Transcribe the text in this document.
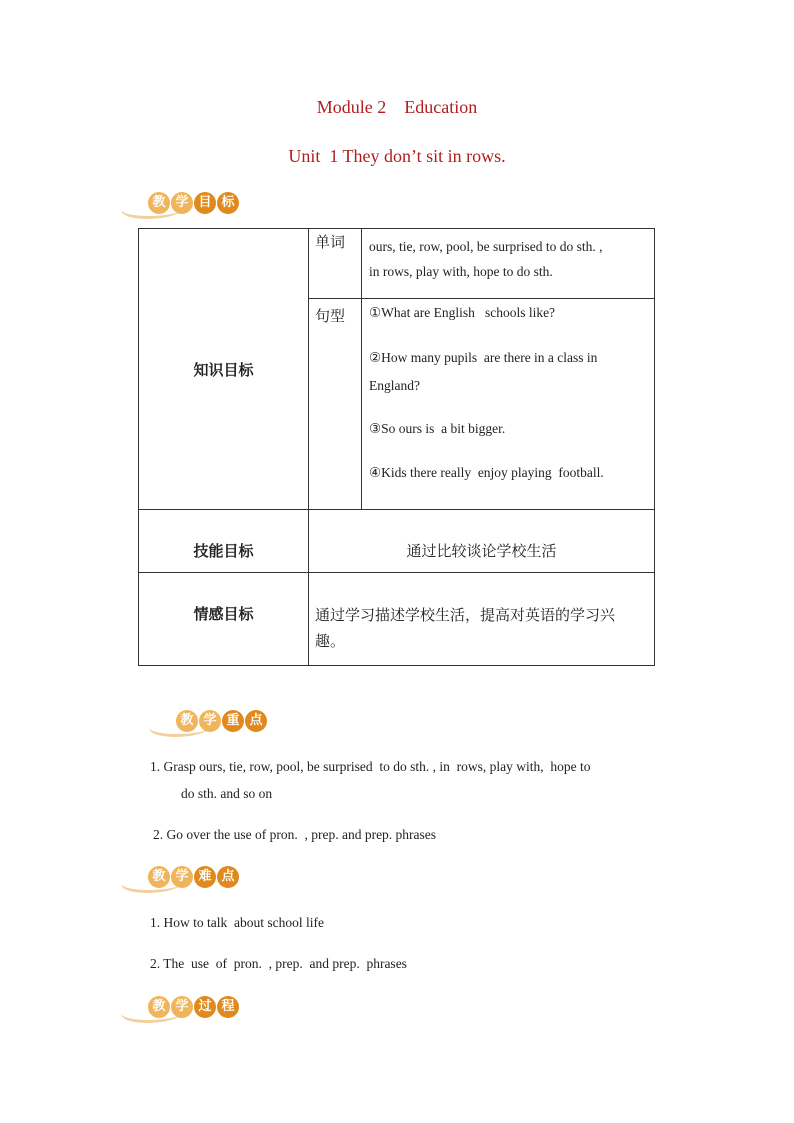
Module 2    Education
Unit  1 They don’t sit in rows.
教 学 目 标
知识目标	单词	ours, tie, row, pool, be surprised to do sth. ,
in rows, play with, hope to do sth.

	句型	①What are English   schools like?
②How many pupils  are there in a class in
England?
③So ours is  a bit bigger.
④Kids there really  enjoy playing  football.

技能目标	通过比较谈论学校生活	
情感目标	通过学习描述学校生活，提高对英语的学习兴
趣。	
教 学 重 点
1. Grasp ours, tie, row, pool, be surprised  to do sth. , in  rows, play with,  hope to
do sth. and so on
2. Go over the use of pron.  , prep. and prep. phrases
教 学 难 点
1. How to talk  about school life
2. The  use  of  pron.  , prep.  and prep.  phrases
教 学 过 程
